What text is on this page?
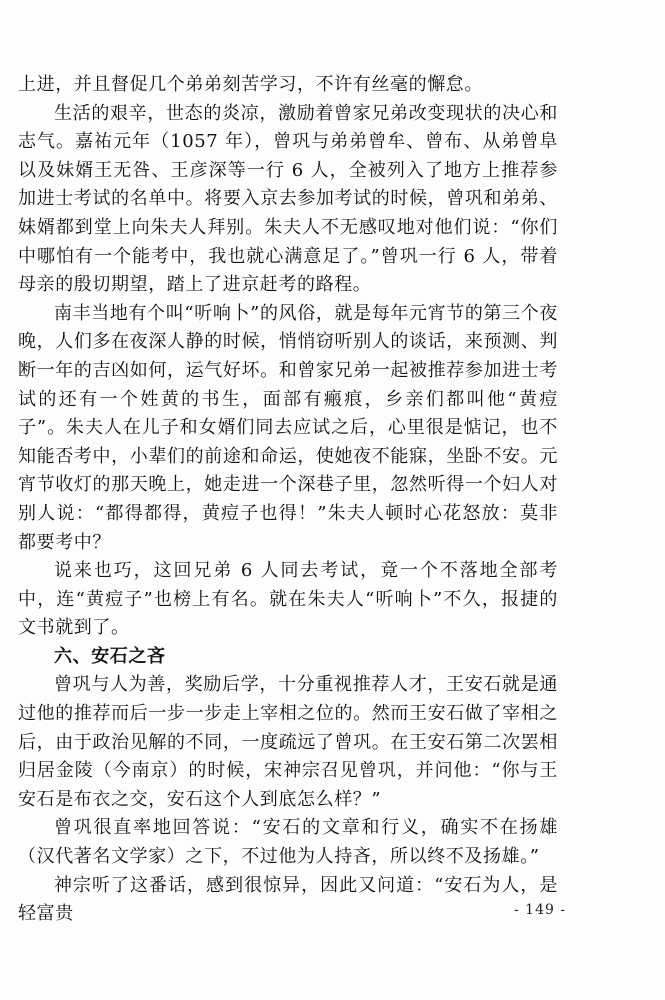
上进，并且督促几个弟弟刻苦学习，不许有丝毫的懈怠。

生活的艰辛，世态的炎凉，激励着曾家兄弟改变现状的决心和志气。嘉祐元年（1057 年），曾巩与弟弟曾牟、曾布、从弟曾阜以及妹婿王无咎、王彦深等一行 6 人，全被列入了地方上推荐参加进士考试的名单中。将要入京去参加考试的时候，曾巩和弟弟、妹婿都到堂上向朱夫人拜别。朱夫人不无感叹地对他们说：“你们中哪怕有一个能考中，我也就心满意足了。”曾巩一行 6 人，带着母亲的殷切期望，踏上了进京赶考的路程。

南丰当地有个叫“听响卜”的风俗，就是每年元宵节的第三个夜晚，人们多在夜深人静的时候，悄悄窃听别人的谈话，来预测、判断一年的吉凶如何，运气好坏。和曾家兄弟一起被推荐参加进士考试的还有一个姓黄的书生，面部有瘢痕，乡亲们都叫他“黄痘子”。朱夫人在儿子和女婿们同去应试之后，心里很是惦记，也不知能否考中，小辈们的前途和命运，使她夜不能寐，坐卧不安。元宵节收灯的那天晚上，她走进一个深巷子里，忽然听得一个妇人对别人说：“都得都得，黄痘子也得！”朱夫人顿时心花怒放：莫非都要考中？

说来也巧，这回兄弟 6 人同去考试，竟一个不落地全部考中，连“黄痘子”也榜上有名。就在朱夫人“听响卜”不久，报捷的文书就到了。

六、安石之吝

曾巩与人为善，奖励后学，十分重视推荐人才，王安石就是通过他的推荐而后一步一步走上宰相之位的。然而王安石做了宰相之后，由于政治见解的不同，一度疏远了曾巩。在王安石第二次罢相归居金陵（今南京）的时候，宋神宗召见曾巩，并问他：“你与王安石是布衣之交，安石这个人到底怎么样？”

曾巩很直率地回答说：“安石的文章和行义，确实不在扬雄（汉代著名文学家）之下，不过他为人持吝，所以终不及扬雄。”

神宗听了这番话，感到很惊异，因此又问道：“安石为人，是轻富贵	- 149 -
